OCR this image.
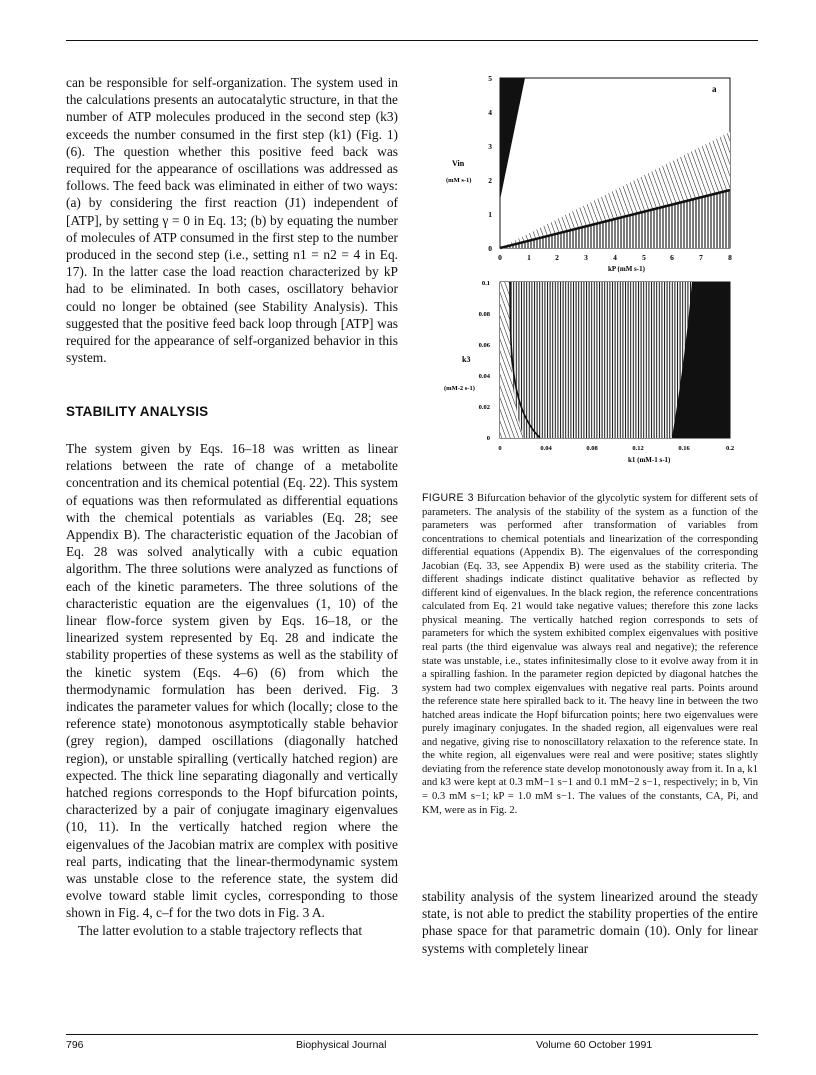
can be responsible for self-organization. The system used in the calculations presents an autocatalytic structure, in that the number of ATP molecules produced in the second step (k3) exceeds the number consumed in the first step (k1) (Fig. 1) (6). The question whether this positive feed back was required for the appearance of oscillations was addressed as follows. The feed back was eliminated in either of two ways: (a) by considering the first reaction (J1) independent of [ATP], by setting γ = 0 in Eq. 13; (b) by equating the number of molecules of ATP consumed in the first step to the number produced in the second step (i.e., setting n1 = n2 = 4 in Eq. 17). In the latter case the load reaction characterized by kP had to be eliminated. In both cases, oscillatory behavior could no longer be obtained (see Stability Analysis). This suggested that the positive feed back loop through [ATP] was required for the appearance of self-organized behavior in this system.

STABILITY ANALYSIS

The system given by Eqs. 16–18 was written as linear relations between the rate of change of a metabolite concentration and its chemical potential (Eq. 22). This system of equations was then reformulated as differential equations with the chemical potentials as variables (Eq. 28; see Appendix B). The characteristic equation of the Jacobian of Eq. 28 was solved analytically with a cubic equation algorithm. The three solutions were analyzed as functions of each of the kinetic parameters. The three solutions of the characteristic equation are the eigenvalues (1, 10) of the linear flow-force system given by Eqs. 16–18, or the linearized system represented by Eq. 28 and indicate the stability properties of these systems as well as the stability of the kinetic system (Eqs. 4–6) (6) from which the thermodynamic formulation has been derived. Fig. 3 indicates the parameter values for which (locally; close to the reference state) monotonous asymptotically stable behavior (grey region), damped oscillations (diagonally hatched region), or unstable spiralling (vertically hatched region) are expected. The thick line separating diagonally and vertically hatched regions corresponds to the Hopf bifurcation points, characterized by a pair of conjugate imaginary eigenvalues (10, 11). In the vertically hatched region where the eigenvalues of the Jacobian matrix are complex with positive real parts, indicating that the linear-thermodynamic system was unstable close to the reference state, the system did evolve toward stable limit cycles, corresponding to those shown in Fig. 4, c–f for the two dots in Fig. 3 A.

The latter evolution to a stable trajectory reflects that

a
5
4
3
2
1
0
0	1	2	3	4	5	6	7	8
Vin
(mM s-1)
kP (mM s-1)
0.1
0.08
0.06
0.04
0.02
0
0	0.04	0.08	0.12	0.16	0.2
k3
(mM-2 s-1)
k1 (mM-1 s-1)
FIGURE 3 Bifurcation behavior of the glycolytic system for different sets of parameters. The analysis of the stability of the system as a function of the parameters was performed after transformation of variables from concentrations to chemical potentials and linearization of the corresponding differential equations (Appendix B). The eigenvalues of the corresponding Jacobian (Eq. 33, see Appendix B) were used as the stability criteria. The different shadings indicate distinct qualitative behavior as reflected by different kind of eigenvalues. In the black region, the reference concentrations calculated from Eq. 21 would take negative values; therefore this zone lacks physical meaning. The vertically hatched region corresponds to sets of parameters for which the system exhibited complex eigenvalues with positive real parts (the third eigenvalue was always real and negative); the reference state was unstable, i.e., states infinitesimally close to it evolve away from it in a spiralling fashion. In the parameter region depicted by diagonal hatches the system had two complex eigenvalues with negative real parts. Points around the reference state here spiralled back to it. The heavy line in between the two hatched areas indicate the Hopf bifurcation points; here two eigenvalues were purely imaginary conjugates. In the shaded region, all eigenvalues were real and negative, giving rise to nonoscillatory relaxation to the reference state. In the white region, all eigenvalues were real and were positive; states slightly deviating from the reference state develop monotonously away from it. In a, k1 and k3 were kept at 0.3 mM−1 s−1 and 0.1 mM−2 s−1, respectively; in b, Vin = 0.3 mM s−1; kP = 1.0 mM s−1. The values of the constants, CA, Pi, and KM, were as in Fig. 2.
stability analysis of the system linearized around the steady state, is not able to predict the stability properties of the entire phase space for that parametric domain (10). Only for linear systems with completely linear
796	Biophysical Journal	Volume 60 October 1991
